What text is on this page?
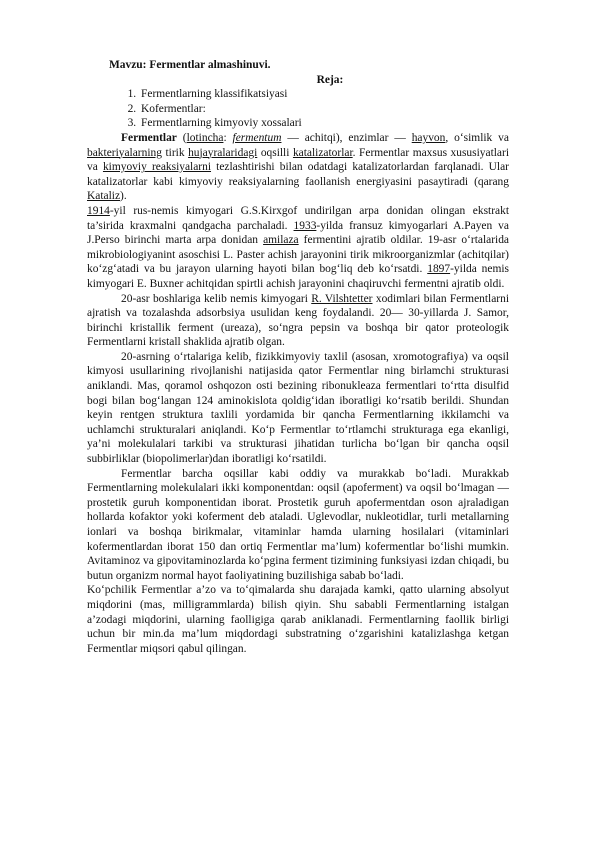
Mavzu: Fermentlar almashinuvi.
Reja:
1. Fermentlarning klassifikatsiyasi
2. Kofermentlar:
3. Fermentlarning kimyoviy xossalari

Fermentlar (lotincha: fermentum — achitqi), enzimlar — hayvon, o‘simlik va bakteriyalarning tirik hujayralaridagi oqsilli katalizatorlar. Fermentlar maxsus xususiyatlari va kimyoviy reaksiyalarni tezlashtirishi bilan odatdagi katalizatorlardan farqlanadi. Ular katalizatorlar kabi kimyoviy reaksiyalarning faollanish energiyasini pasaytiradi (qarang Kataliz).

1914-yil rus-nemis kimyogari G.S.Kirxgof undirilgan arpa donidan olingan ekstrakt ta’sirida kraxmalni qandgacha parchaladi. 1933-yilda fransuz kimyogarlari A.Payen va J.Perso birinchi marta arpa donidan amilaza fermentini ajratib oldilar. 19-asr o‘rtalarida mikrobiologiyanint asoschisi L. Paster achish jarayonini tirik mikroorganizmlar (achitqilar) ko‘zg‘atadi va bu jarayon ularning hayoti bilan bog‘liq deb ko‘rsatdi. 1897-yilda nemis kimyogari E. Buxner achitqidan spirtli achish jarayonini chaqiruvchi fermentni ajratib oldi.

20-asr boshlariga kelib nemis kimyogari R. Vilshtetter xodimlari bilan Fermentlarni ajratish va tozalashda adsorbsiya usulidan keng foydalandi. 20— 30-yillarda J. Samor, birinchi kristallik ferment (ureaza), so‘ngra pepsin va boshqa bir qator proteologik Fermentlarni kristall shaklida ajratib olgan.

20-asrning o‘rtalariga kelib, fizikkimyoviy taxlil (asosan, xromotografiya) va oqsil kimyosi usullarining rivojlanishi natijasida qator Fermentlar ning birlamchi strukturasi aniklandi. Mas, qoramol oshqozon osti bezining ribonukleaza fermentlari to‘rtta disulfid bogi bilan bog‘langan 124 aminokislota qoldig‘idan iboratligi ko‘rsatib berildi. Shundan keyin rentgen struktura taxlili yordamida bir qancha Fermentlarning ikkilamchi va uchlamchi strukturalari aniqlandi. Ko‘p Fermentlar to‘rtlamchi strukturaga ega ekanligi, ya’ni molekulalari tarkibi va strukturasi jihatidan turlicha bo‘lgan bir qancha oqsil subbirliklar (biopolimerlar)dan iboratligi ko‘rsatildi.

Fermentlar barcha oqsillar kabi oddiy va murakkab bo‘ladi. Murakkab Fermentlarning molekulalari ikki komponentdan: oqsil (apoferment) va oqsil bo‘lmagan — prostetik guruh komponentidan iborat. Prostetik guruh apofermentdan oson ajraladigan hollarda kofaktor yoki koferment deb ataladi. Uglevodlar, nukleotidlar, turli metallarning ionlari va boshqa birikmalar, vitaminlar hamda ularning hosilalari (vitaminlari kofermentlardan iborat 150 dan ortiq Fermentlar ma’lum) kofermentlar bo‘lishi mumkin. Avitaminoz va gipovitaminozlarda ko‘pgina ferment tizimining funksiyasi izdan chiqadi, bu butun organizm normal hayot faoliyatining buzilishiga sabab bo‘ladi.

Ko‘pchilik Fermentlar a’zo va to‘qimalarda shu darajada kamki, qatto ularning absolyut miqdorini (mas, milligrammlarda) bilish qiyin. Shu sababli Fermentlarning istalgan a’zodagi miqdorini, ularning faolligiga qarab aniklanadi. Fermentlarning faollik birligi uchun bir min.da ma’lum miqdordagi substratning o‘zgarishini katalizlashga ketgan Fermentlar miqsori qabul qilingan.
